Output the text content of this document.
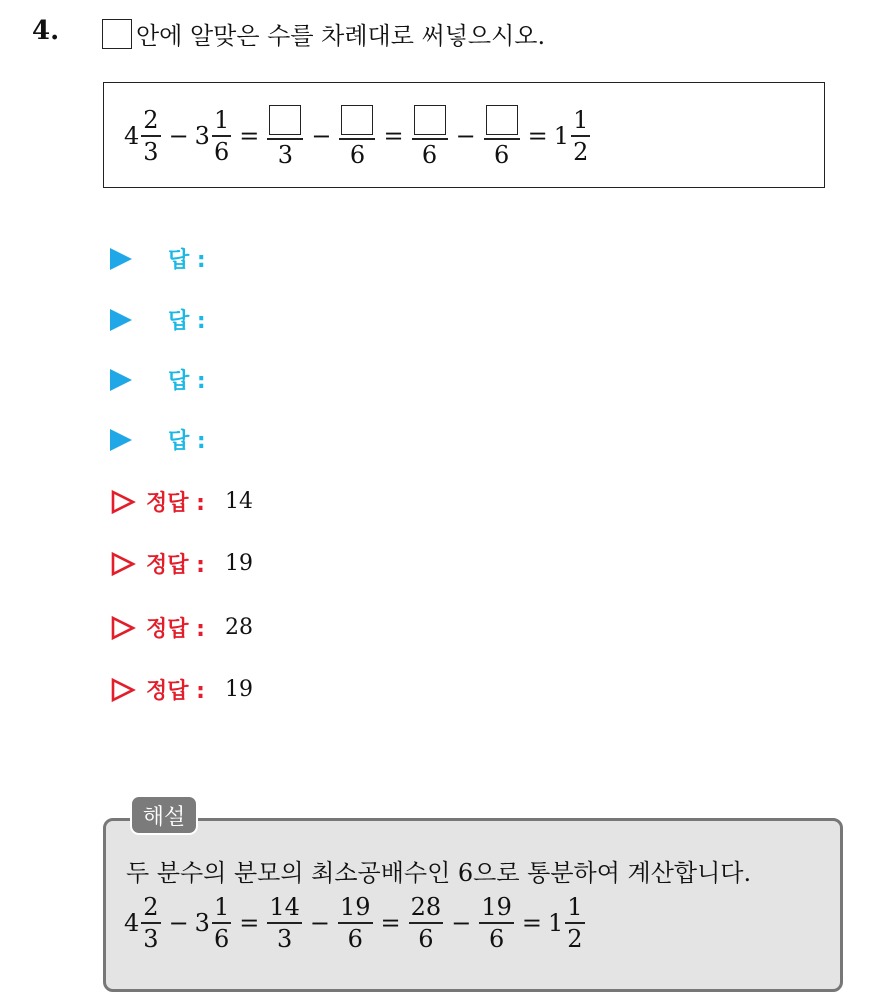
4.	안에 알맞은 수를 차례대로 써넣으시오.
$4 \frac{2}{3} - 3 \frac{1}{6}$ =
3
−
6
=
6
−
6
= $1 \frac{1}{2}$
답 :
답 :
답 :
답 :
정답 : 14
정답 : 19
정답 : 28
정답 : 19
두 분수의 분모의 최소공배수인 6으로 통분하여 계산합니다.
$4 \frac{2}{3} - 3 \frac{1}{6} = \frac{14}{3} - \frac{19}{6} = \frac{28}{6} - \frac{19}{6} = 1 \frac{1}{2}$
해설
